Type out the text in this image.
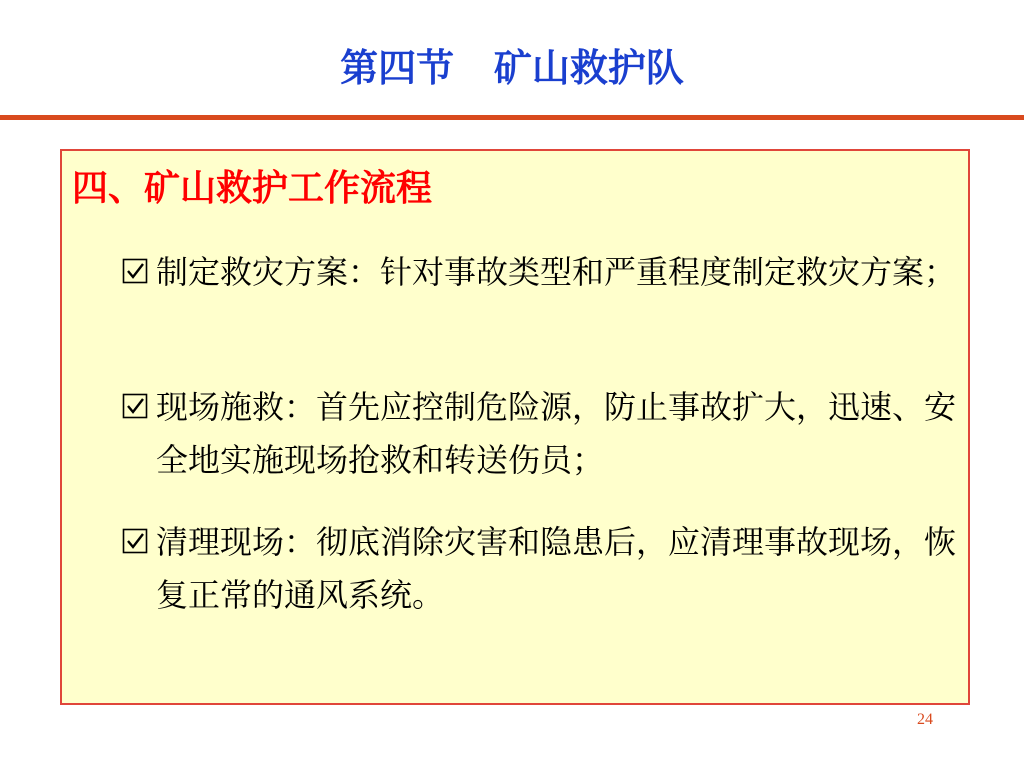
第四节   矿山救护队
四、矿山救护工作流程
制定救灾方案：针对事故类型和严重程度制定救灾方案；
现场施救：首先应控制危险源，防止事故扩大，迅速、安全地实施现场抢救和转送伤员；
清理现场：彻底消除灾害和隐患后，应清理事故现场，恢复正常的通风系统。
24
